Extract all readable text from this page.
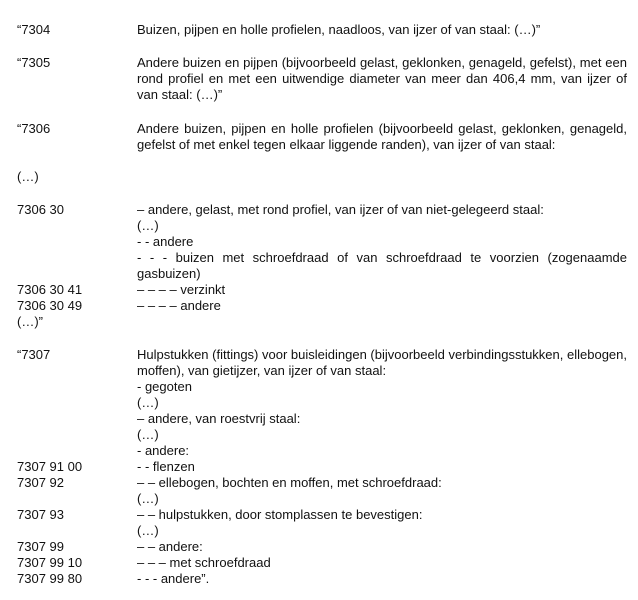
“7304	Buizen, pijpen en holle profielen, naadloos, van ijzer of van staal: (…)”
“7305	Andere buizen en pijpen (bijvoorbeeld gelast, geklonken, genageld, gefelst), met een rond profiel en met een uitwendige diameter van meer dan 406,4 mm, van ijzer of van staal: (…)”
“7306	Andere buizen, pijpen en holle profielen (bijvoorbeeld gelast, geklonken, genageld, gefelst of met enkel tegen elkaar liggende randen), van ijzer of van staal:
(…)
7306 30	– andere, gelast, met rond profiel, van ijzer of van niet-gelegeerd staal:
(…)
- - andere
- - - buizen met schroefdraad of van schroefdraad te voorzien (zogenaamde gasbuizen)
7306 30 41	– – – – verzinkt
7306 30 49	– – – – andere
(…)”
“7307	Hulpstukken (fittings) voor buisleidingen (bijvoorbeeld verbindingsstukken, ellebogen, moffen), van gietijzer, van ijzer of van staal:
- gegoten
(…)
– andere, van roestvrij staal:
(…)
- andere:
7307 91 00	- - flenzen
7307 92	– – ellebogen, bochten en moffen, met schroefdraad:
(…)
7307 93	– – hulpstukken, door stomplassen te bevestigen:
(…)
7307 99	– – andere:
7307 99 10	– – – met schroefdraad
7307 99 80	- - - andere”.
